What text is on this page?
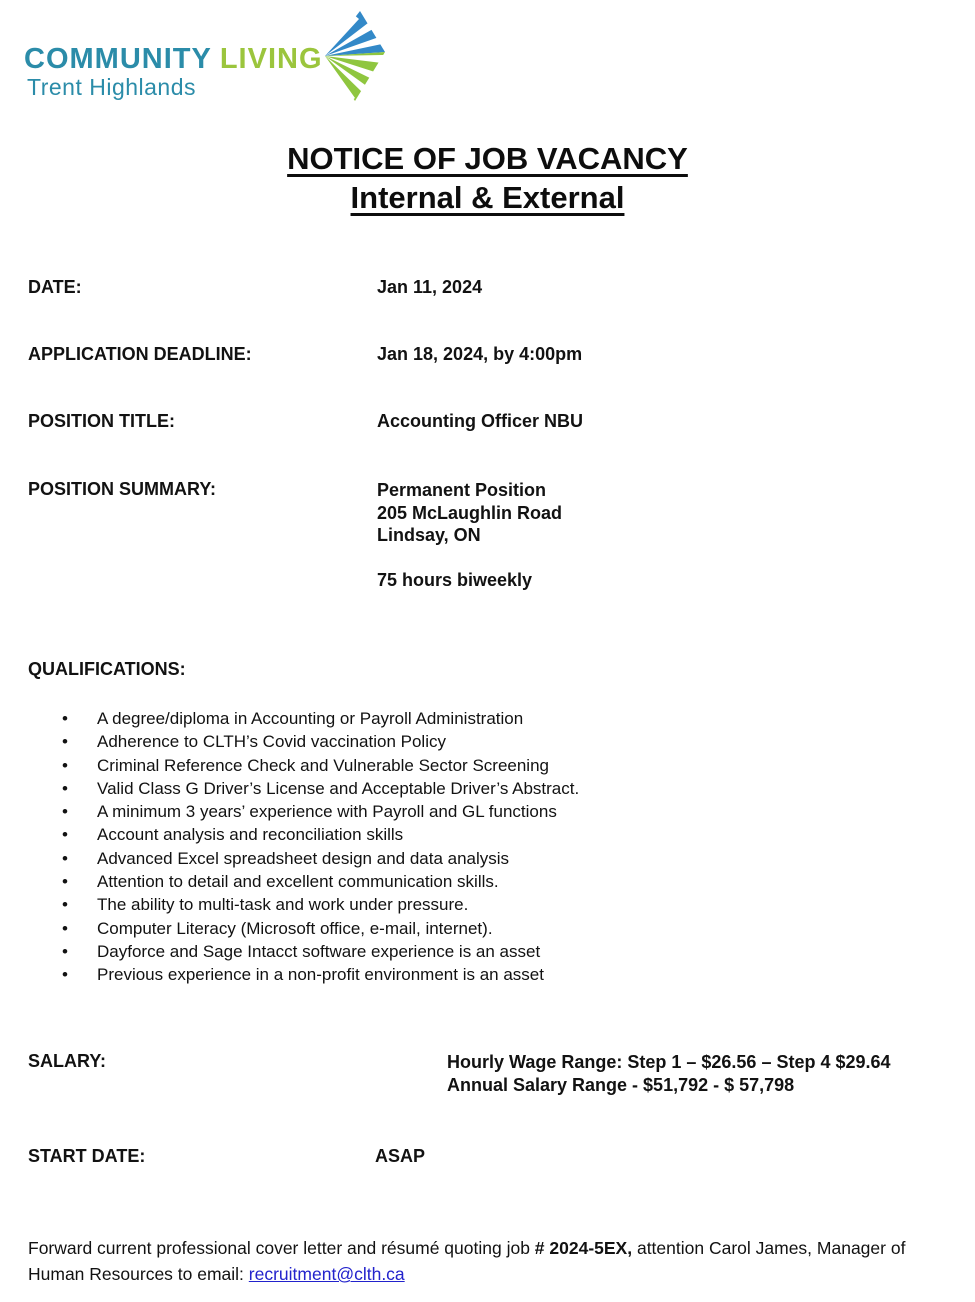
community living
Trent Highlands
NOTICE OF JOB VACANCY
Internal & External
DATE:	Jan 11, 2024
APPLICATION DEADLINE:	Jan 18, 2024, by 4:00pm
POSITION TITLE:	Accounting Officer NBU
POSITION SUMMARY:	Permanent Position
205 McLaughlin Road
Lindsay, ON
75 hours biweekly
QUALIFICATIONS:
• A degree/diploma in Accounting or Payroll Administration
• Adherence to CLTH’s Covid vaccination Policy
• Criminal Reference Check and Vulnerable Sector Screening
• Valid Class G Driver’s License and Acceptable Driver’s Abstract.
• A minimum 3 years’ experience with Payroll and GL functions
• Account analysis and reconciliation skills
• Advanced Excel spreadsheet design and data analysis
• Attention to detail and excellent communication skills.
• The ability to multi-task and work under pressure.
• Computer Literacy (Microsoft office, e-mail, internet).
• Dayforce and Sage Intacct software experience is an asset
• Previous experience in a non-profit environment is an asset
SALARY:	Hourly Wage Range: Step 1 – $26.56 – Step 4 $29.64
Annual Salary Range - $51,792 - $ 57,798
START DATE:	ASAP
Forward current professional cover letter and résumé quoting job # 2024-5EX, attention Carol James, Manager of Human Resources to email: recruitment@clth.ca
